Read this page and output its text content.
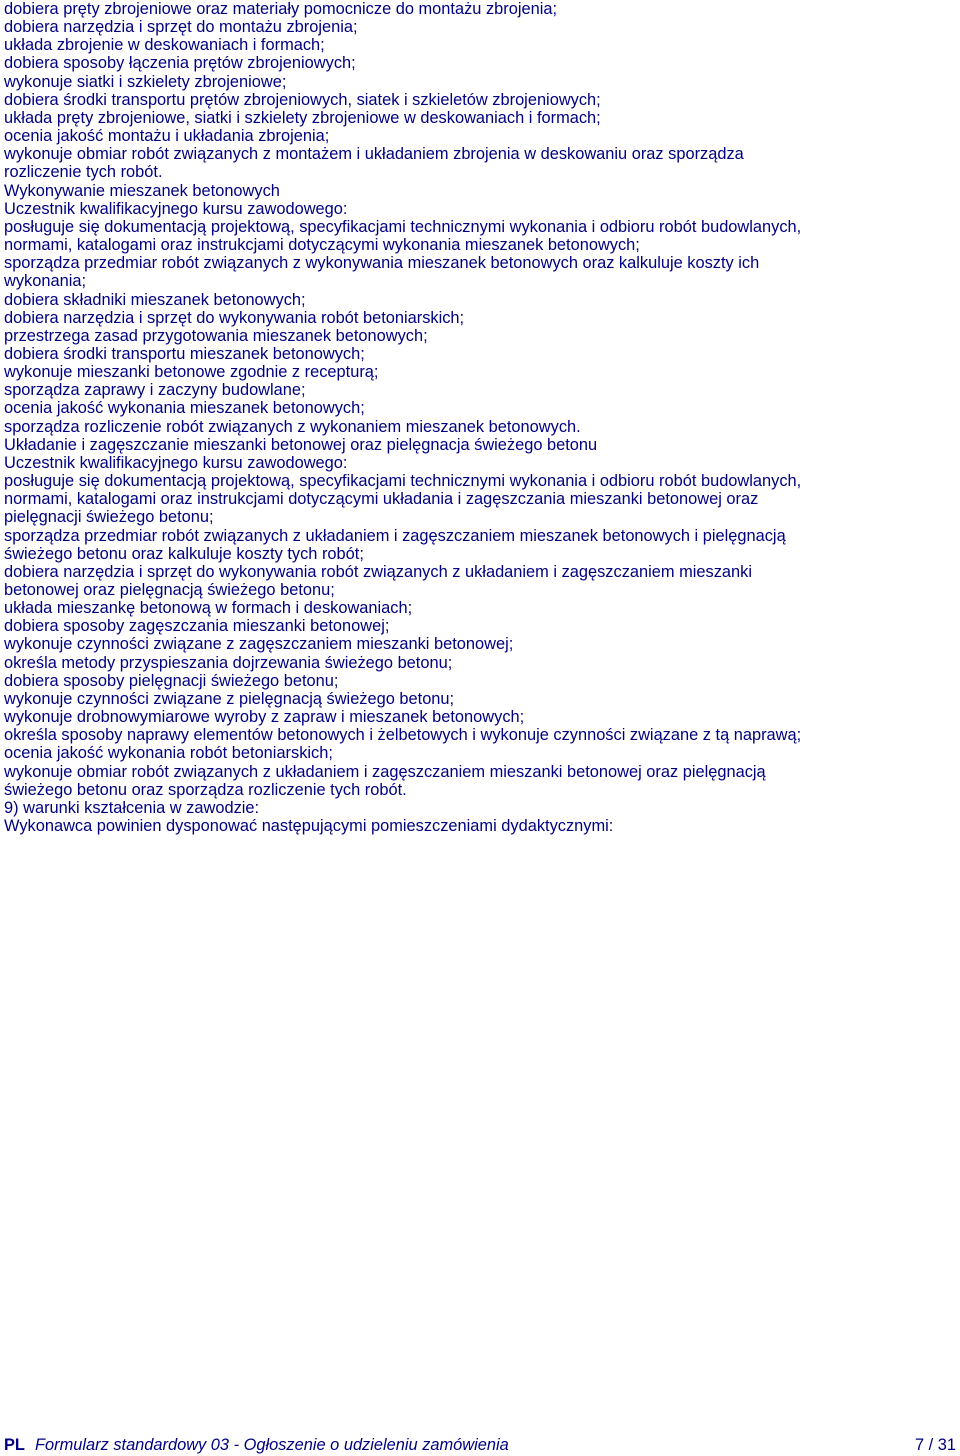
dobiera pręty zbrojeniowe oraz materiały pomocnicze do montażu zbrojenia;
dobiera narzędzia i sprzęt do montażu zbrojenia;
układa zbrojenie w deskowaniach i formach;
dobiera sposoby łączenia prętów zbrojeniowych;
wykonuje siatki i szkielety zbrojeniowe;
dobiera środki transportu prętów zbrojeniowych, siatek i szkieletów zbrojeniowych;
układa pręty zbrojeniowe, siatki i szkielety zbrojeniowe w deskowaniach i formach;
ocenia jakość montażu i układania zbrojenia;
wykonuje obmiar robót związanych z montażem i układaniem zbrojenia w deskowaniu oraz sporządza
rozliczenie tych robót.
Wykonywanie mieszanek betonowych
Uczestnik kwalifikacyjnego kursu zawodowego:
posługuje się dokumentacją projektową, specyfikacjami technicznymi wykonania i odbioru robót budowlanych,
normami, katalogami oraz instrukcjami dotyczącymi wykonania mieszanek betonowych;
sporządza przedmiar robót związanych z wykonywania mieszanek betonowych oraz kalkuluje koszty ich
wykonania;
dobiera składniki mieszanek betonowych;
dobiera narzędzia i sprzęt do wykonywania robót betoniarskich;
przestrzega zasad przygotowania mieszanek betonowych;
dobiera środki transportu mieszanek betonowych;
wykonuje mieszanki betonowe zgodnie z recepturą;
sporządza zaprawy i zaczyny budowlane;
ocenia jakość wykonania mieszanek betonowych;
sporządza rozliczenie robót związanych z wykonaniem mieszanek betonowych.
Układanie i zagęszczanie mieszanki betonowej oraz pielęgnacja świeżego betonu
Uczestnik kwalifikacyjnego kursu zawodowego:
posługuje się dokumentacją projektową, specyfikacjami technicznymi wykonania i odbioru robót budowlanych,
normami, katalogami oraz instrukcjami dotyczącymi układania i zagęszczania mieszanki betonowej oraz
pielęgnacji świeżego betonu;
sporządza przedmiar robót związanych z układaniem i zagęszczaniem mieszanek betonowych i pielęgnacją
świeżego betonu oraz kalkuluje koszty tych robót;
dobiera narzędzia i sprzęt do wykonywania robót związanych z układaniem i zagęszczaniem mieszanki
betonowej oraz pielęgnacją świeżego betonu;
układa mieszankę betonową w formach i deskowaniach;
dobiera sposoby zagęszczania mieszanki betonowej;
wykonuje czynności związane z zagęszczaniem mieszanki betonowej;
określa metody przyspieszania dojrzewania świeżego betonu;
dobiera sposoby pielęgnacji świeżego betonu;
wykonuje czynności związane z pielęgnacją świeżego betonu;
wykonuje drobnowymiarowe wyroby z zapraw i mieszanek betonowych;
określa sposoby naprawy elementów betonowych i żelbetowych i wykonuje czynności związane z tą naprawą;
ocenia jakość wykonania robót betoniarskich;
wykonuje obmiar robót związanych z układaniem i zagęszczaniem mieszanki betonowej oraz pielęgnacją
świeżego betonu oraz sporządza rozliczenie tych robót.
9) warunki kształcenia w zawodzie:
Wykonawca powinien dysponować następującymi pomieszczeniami dydaktycznymi:
PL Formularz standardowy 03 - Ogłoszenie o udzieleniu zamówienia	7 / 31
